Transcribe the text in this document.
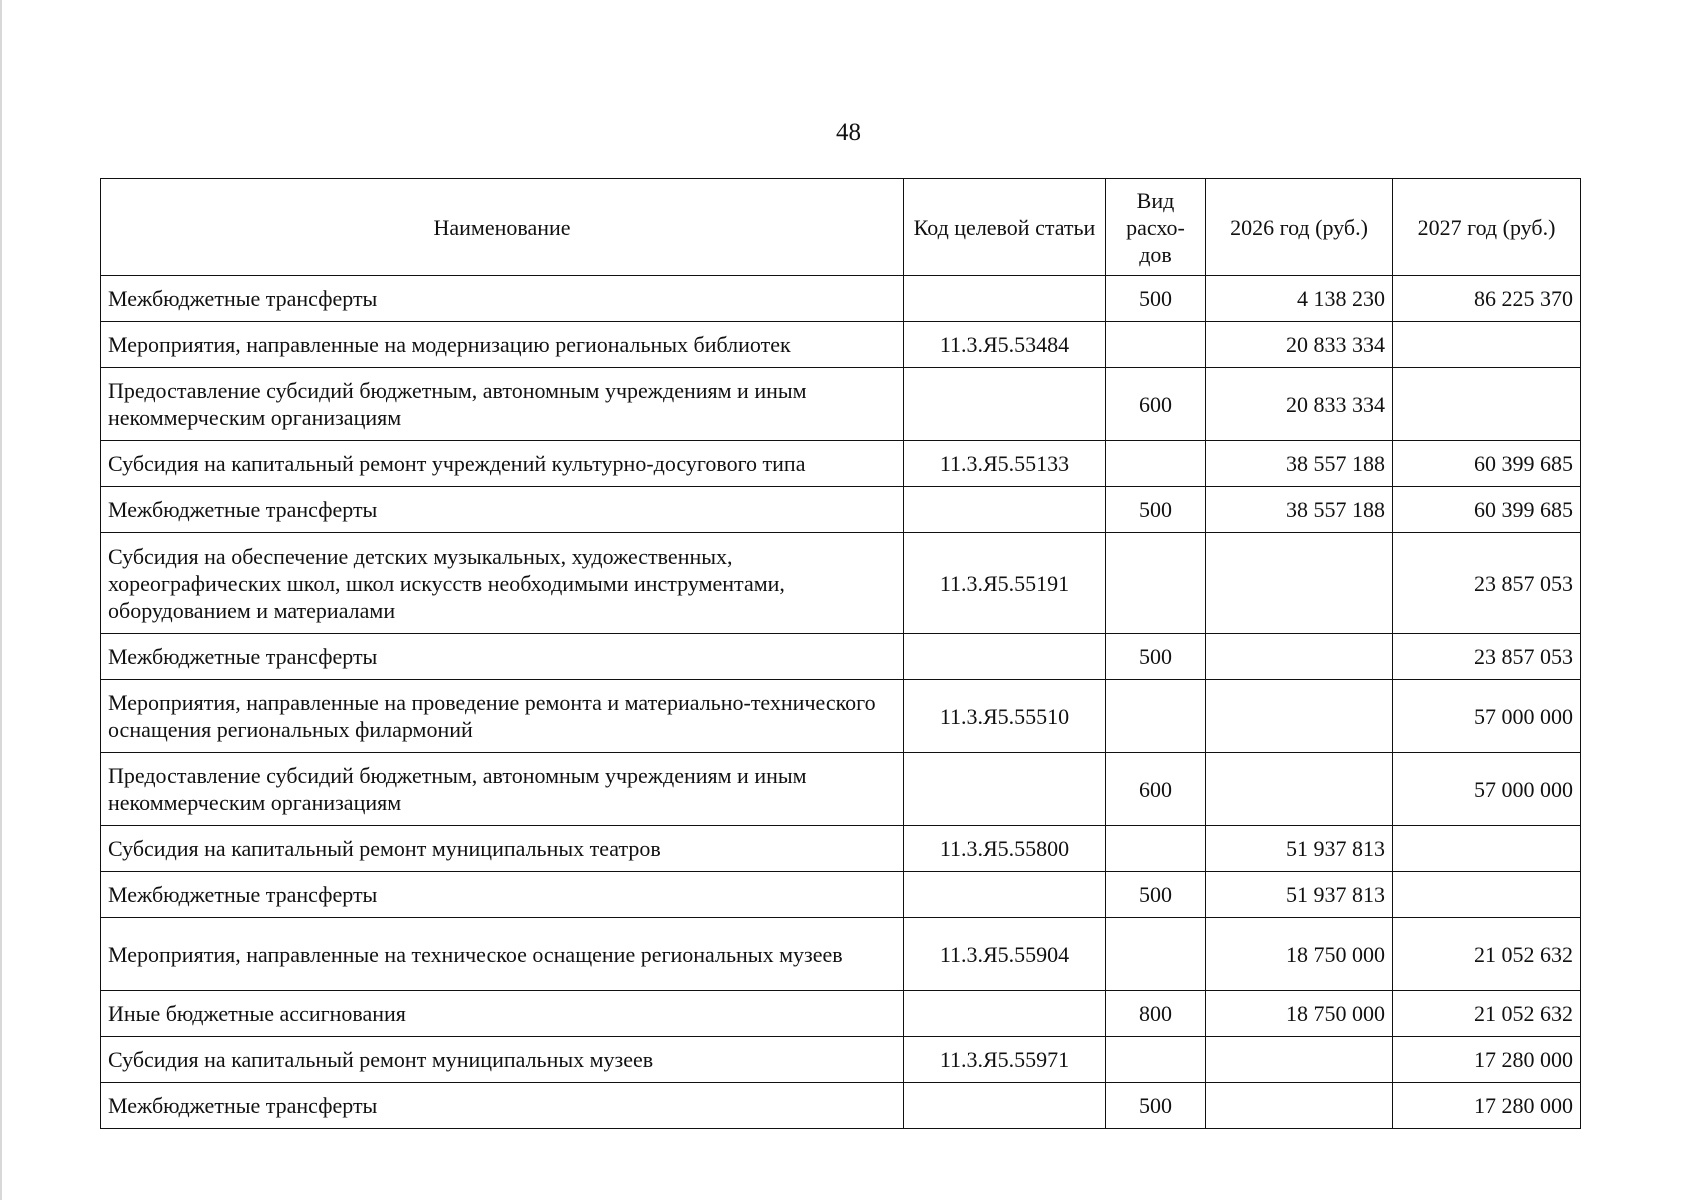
48
Наименование	Код целевой статьи	Вид расхо-дов	2026 год (руб.)	2027 год (руб.)
Межбюджетные трансферты		500	4 138 230	86 225 370
Мероприятия, направленные на модернизацию региональных библиотек	11.3.Я5.53484		20 833 334	
Предоставление субсидий бюджетным, автономным учреждениям и иным некоммерческим организациям		600	20 833 334	
Субсидия на капитальный ремонт учреждений культурно-досугового типа	11.3.Я5.55133		38 557 188	60 399 685
Межбюджетные трансферты		500	38 557 188	60 399 685
Субсидия на обеспечение детских музыкальных, художественных, хореографических школ, школ искусств необходимыми инструментами, оборудованием и материалами	11.3.Я5.55191			23 857 053
Межбюджетные трансферты		500		23 857 053
Мероприятия, направленные на проведение ремонта и материально-технического оснащения региональных филармоний	11.3.Я5.55510			57 000 000
Предоставление субсидий бюджетным, автономным учреждениям и иным некоммерческим организациям		600		57 000 000
Субсидия на капитальный ремонт муниципальных театров	11.3.Я5.55800		51 937 813	
Межбюджетные трансферты		500	51 937 813	
Мероприятия, направленные на техническое оснащение региональных музеев	11.3.Я5.55904		18 750 000	21 052 632
Иные бюджетные ассигнования		800	18 750 000	21 052 632
Субсидия на капитальный ремонт муниципальных музеев	11.3.Я5.55971			17 280 000
Межбюджетные трансферты		500		17 280 000
